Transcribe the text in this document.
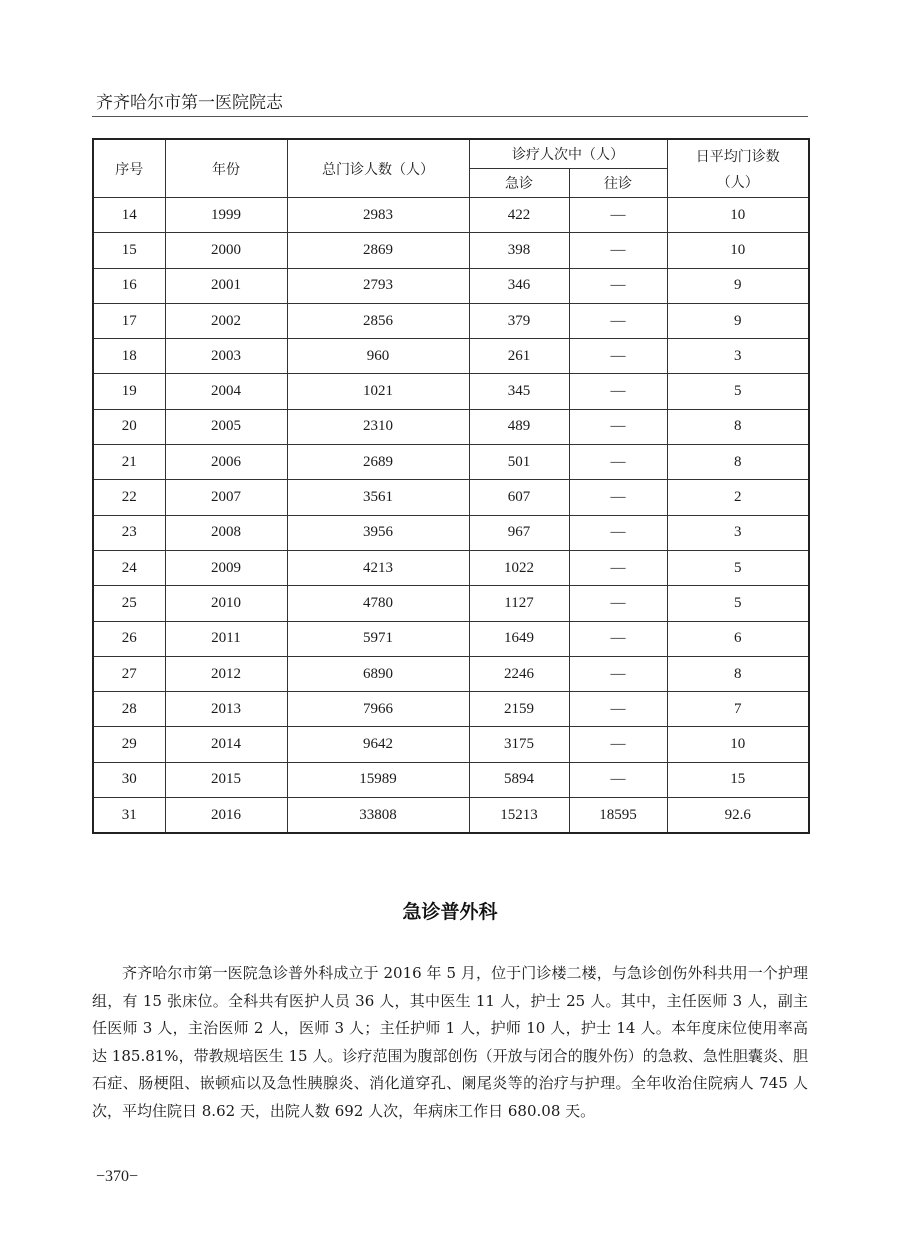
齐齐哈尔市第一医院院志
序号	年份	总门诊人数（人）	诊疗人次中（人）		日平均门诊数
（人）

			急诊	往诊	
14	1999	2983	422	—	10
15	2000	2869	398	—	10
16	2001	2793	346	—	9
17	2002	2856	379	—	9
18	2003	960	261	—	3
19	2004	1021	345	—	5
20	2005	2310	489	—	8
21	2006	2689	501	—	8
22	2007	3561	607	—	2
23	2008	3956	967	—	3
24	2009	4213	1022	—	5
25	2010	4780	1127	—	5
26	2011	5971	1649	—	6
27	2012	6890	2246	—	8
28	2013	7966	2159	—	7
29	2014	9642	3175	—	10
30	2015	15989	5894	—	15
31	2016	33808	15213	18595	92.6
急诊普外科
齐齐哈尔市第一医院急诊普外科成立于 2016 年 5 月，位于门诊楼二楼，与急诊创伤外科共用一个护理组，有 15 张床位。全科共有医护人员 36 人，其中医生 11 人，护士 25 人。其中，主任医师 3 人，副主任医师 3 人，主治医师 2 人，医师 3 人；主任护师 1 人，护师 10 人，护士 14 人。本年度床位使用率高达 185.81%，带教规培医生 15 人。诊疗范围为腹部创伤（开放与闭合的腹外伤）的急救、急性胆囊炎、胆石症、肠梗阻、嵌顿疝以及急性胰腺炎、消化道穿孔、阑尾炎等的治疗与护理。全年收治住院病人 745 人次，平均住院日 8.62 天，出院人数 692 人次，年病床工作日 680.08 天。
−370−
